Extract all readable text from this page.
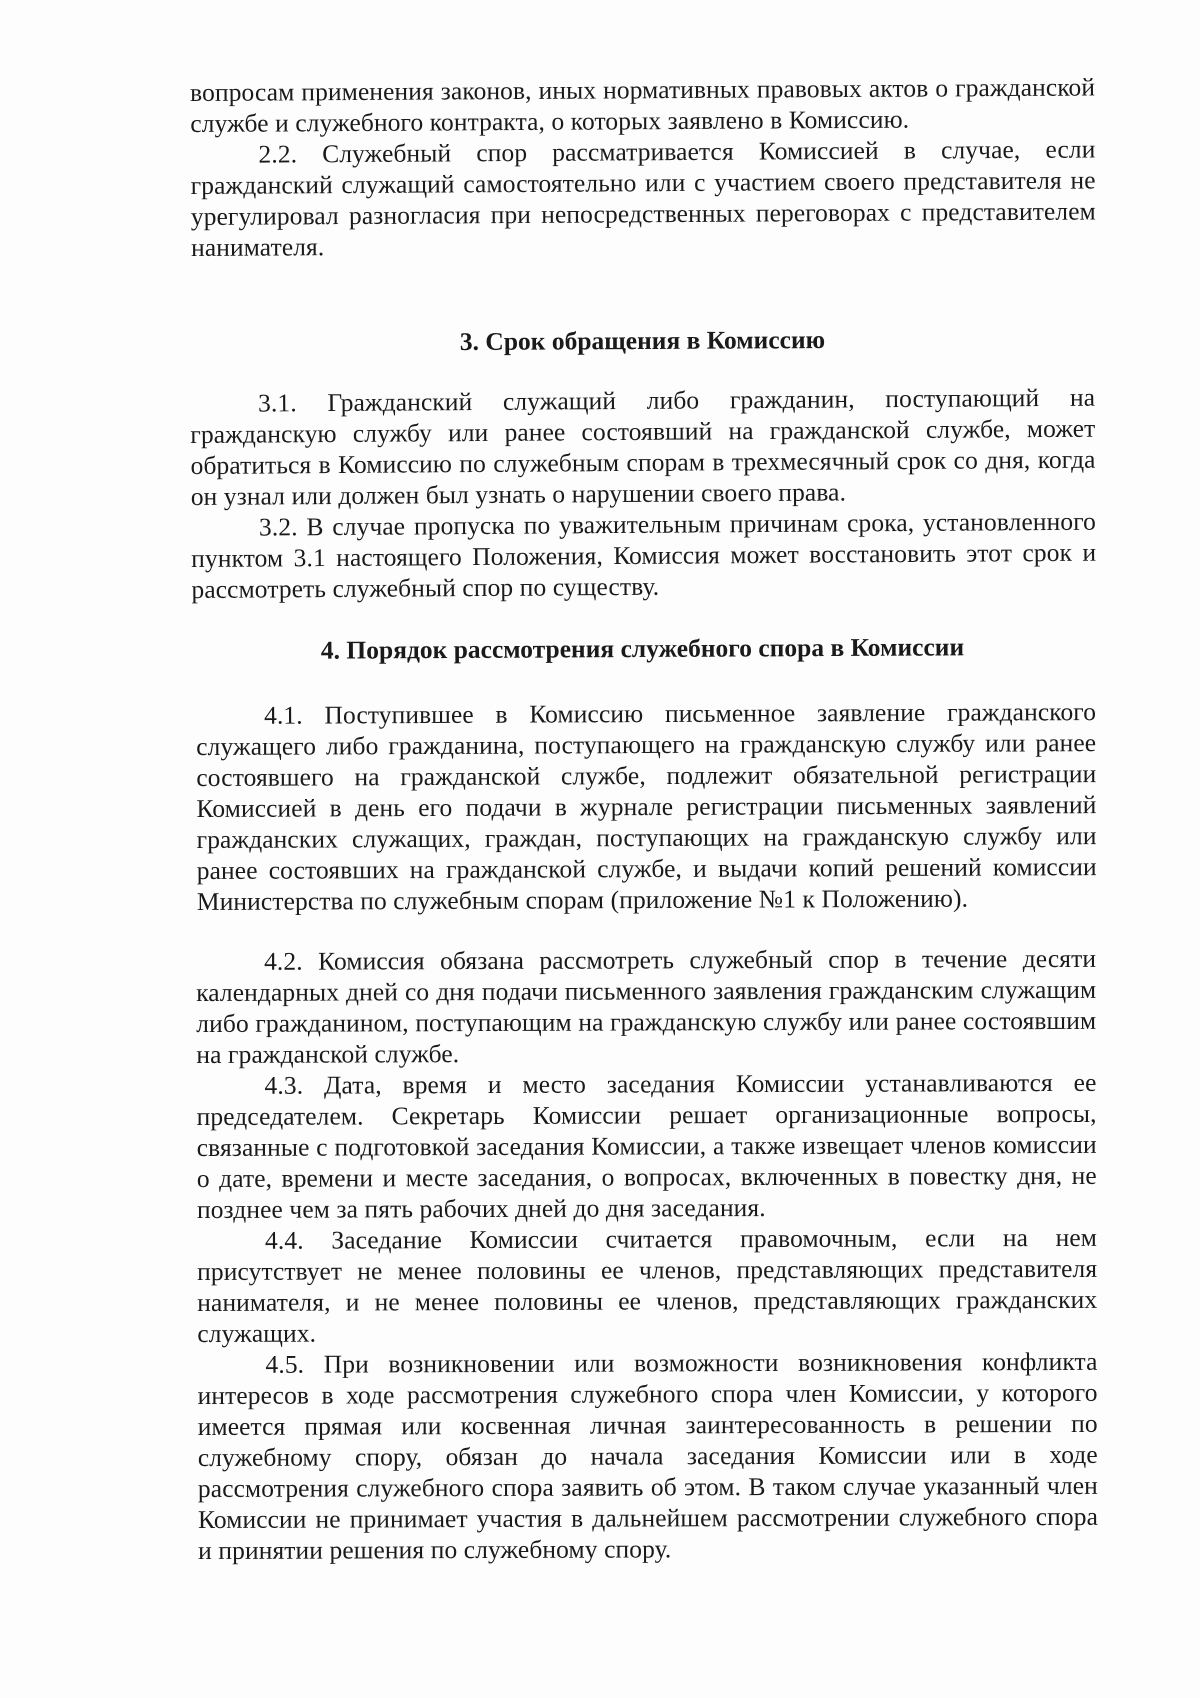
вопросам применения законов, иных нормативных правовых актов о гражданской службе и служебного контракта, о которых заявлено в Комиссию.

2.2. Служебный спор рассматривается Комиссией в случае, если гражданский служащий самостоятельно или с участием своего представителя не урегулировал разногласия при непосредственных переговорах с представителем нанимателя.

3. Срок обращения в Комиссию

3.1. Гражданский служащий либо гражданин, поступающий на гражданскую службу или ранее состоявший на гражданской службе, может обратиться в Комиссию по служебным спорам в трехмесячный срок со дня, когда он узнал или должен был узнать о нарушении своего права.

3.2. В случае пропуска по уважительным причинам срока, установленного пунктом 3.1 настоящего Положения, Комиссия может восстановить этот срок и рассмотреть служебный спор по существу.

4. Порядок рассмотрения служебного спора в Комиссии

4.1. Поступившее в Комиссию письменное заявление гражданского служащего либо гражданина, поступающего на гражданскую службу или ранее состоявшего на гражданской службе, подлежит обязательной регистрации Комиссией в день его подачи в журнале регистрации письменных заявлений гражданских служащих, граждан, поступающих на гражданскую службу или ранее состоявших на гражданской службе, и выдачи копий решений комиссии Министерства по служебным спорам (приложение №1 к Положению).

4.2. Комиссия обязана рассмотреть служебный спор в течение десяти календарных дней со дня подачи письменного заявления гражданским служащим либо гражданином, поступающим на гражданскую службу или ранее состоявшим на гражданской службе.

4.3. Дата, время и место заседания Комиссии устанавливаются ее председателем. Секретарь Комиссии решает организационные вопросы, связанные с подготовкой заседания Комиссии, а также извещает членов комиссии о дате, времени и месте заседания, о вопросах, включенных в повестку дня, не позднее чем за пять рабочих дней до дня заседания.

4.4. Заседание Комиссии считается правомочным, если на нем присутствует не менее половины ее членов, представляющих представителя нанимателя, и не менее половины ее членов, представляющих гражданских служащих.

4.5. При возникновении или возможности возникновения конфликта интересов в ходе рассмотрения служебного спора член Комиссии, у которого имеется прямая или косвенная личная заинтересованность в решении по служебному спору, обязан до начала заседания Комиссии или в ходе рассмотрения служебного спора заявить об этом. В таком случае указанный член Комиссии не принимает участия в дальнейшем рассмотрении служебного спора и принятии решения по служебному спору.
